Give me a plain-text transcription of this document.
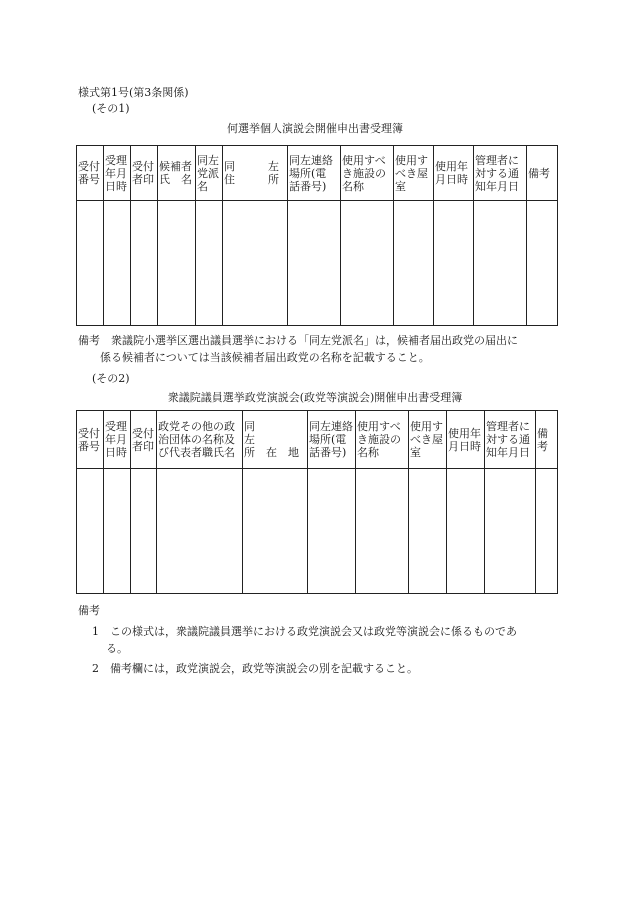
様式第1号(第3条関係)
(その1)
何選挙個人演説会開催申出書受理簿
受付
番号	受理
年月
日時	受付
者印	候補者
氏　名	同左
党派
名	同　　　左
住　　　所	同左連絡
場所(電
話番号)	使用すべ
き施設の
名称	使用す
べき屋
室	使用年
月日時	管理者に
対する通
知年月日	備考

備考　衆議院小選挙区選出議員選挙における「同左党派名」は，候補者届出政党の届出に
係る候補者については当該候補者届出政党の名称を記載すること。
(その2)
衆議院議員選挙政党演説会(政党等演説会)開催申出書受理簿
受付
番号	受理
年月
日時	受付
者印	政党その他の政
治団体の名称及
び代表者職氏名	同　　　　左
所　在　地	同左連絡
場所(電
話番号)	使用すべ
き施設の
名称	使用す
べき屋
室	使用年
月日時	管理者に
対する通
知年月日	備考

備考
1　この様式は，衆議院議員選挙における政党演説会又は政党等演説会に係るものであ
る。
2　備考欄には，政党演説会，政党等演説会の別を記載すること。
